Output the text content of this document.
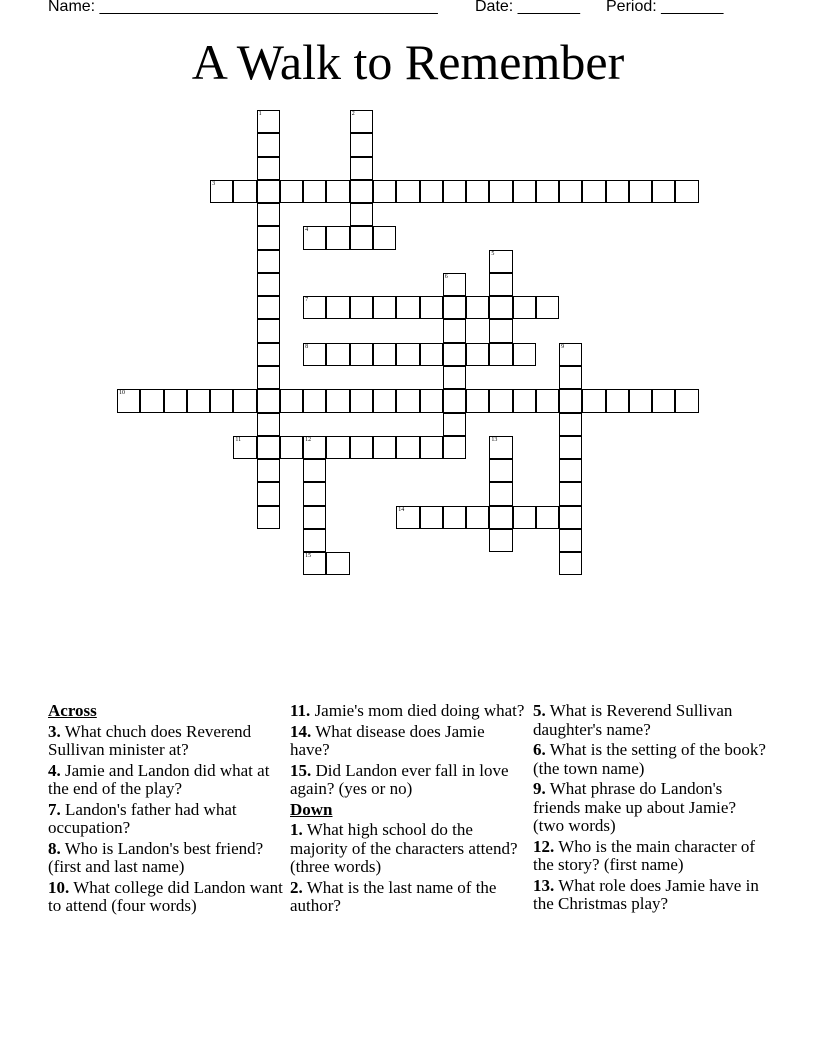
Name: ______________________________________ Date: _______ Period: _______
A Walk to Remember
1	2
3
4
5
6
7
8	9
10
11	12
15
13
14
Across
3. What chuch does Reverend Sullivan minister at?
4. Jamie and Landon did what at the end of the play?
7. Landon's father had what occupation?
8. Who is Landon's best friend? (first and last name)
10. What college did Landon want to attend (four words)
11. Jamie's mom died doing what?
14. What disease does Jamie have?
15. Did Landon ever fall in love again? (yes or no)
Down
1. What high school do the majority of the characters attend? (three words)
2. What is the last name of the author?
5. What is Reverend Sullivan daughter's name?
6. What is the setting of the book? (the town name)
9. What phrase do Landon's friends make up about Jamie? (two words)
12. Who is the main character of the story? (first name)
13. What role does Jamie have in the Christmas play?
